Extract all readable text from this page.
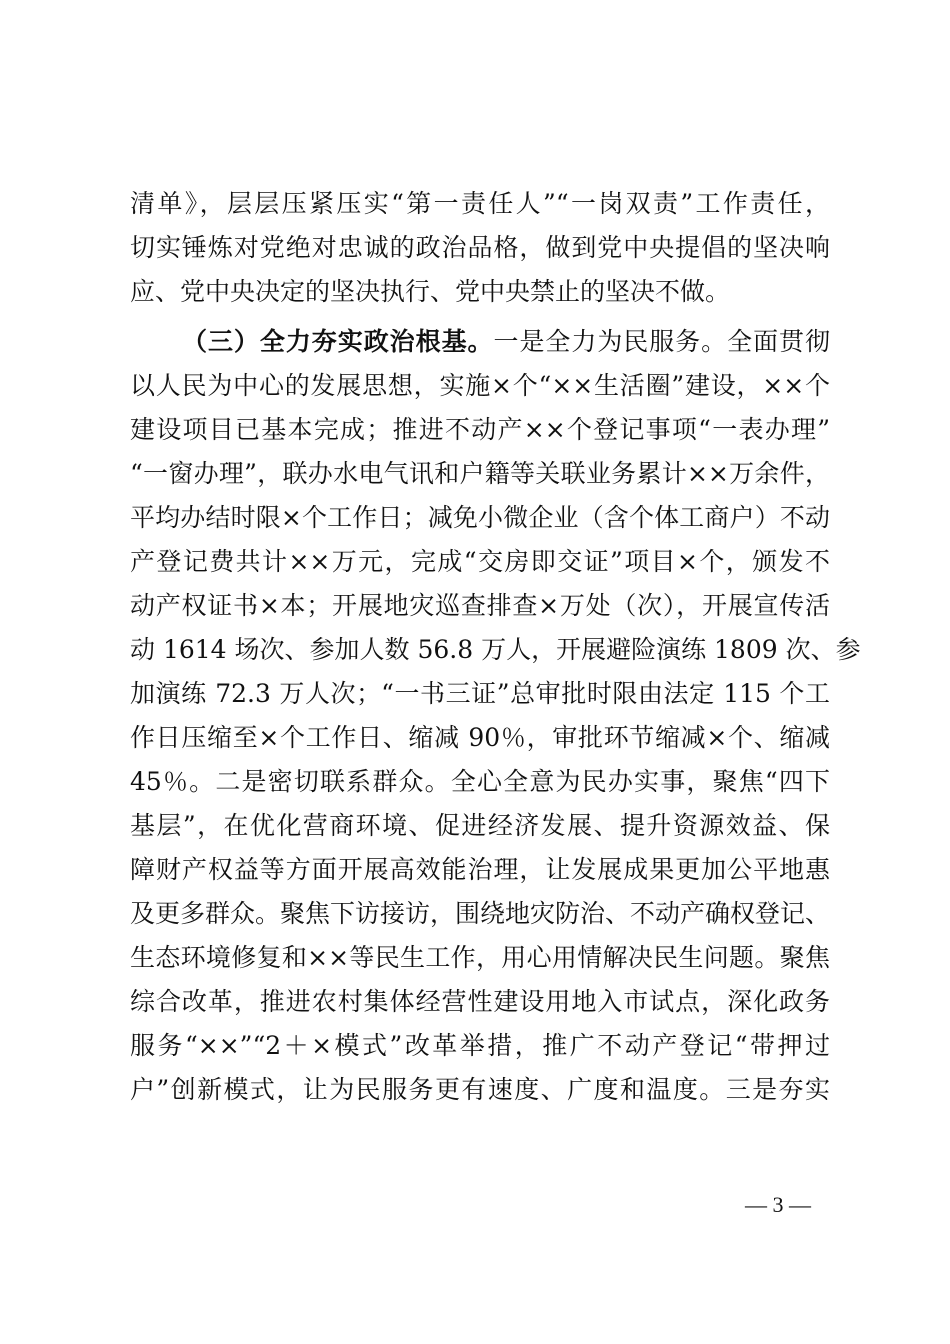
清单》，层层压紧压实“第一责任人”“一岗双责”工作责任，
切实锤炼对党绝对忠诚的政治品格，做到党中央提倡的坚决响
应、党中央决定的坚决执行、党中央禁止的坚决不做。
（三）全力夯实政治根基。一是全力为民服务。全面贯彻
以人民为中心的发展思想，实施×个“××生活圈”建设，××个
建设项目已基本完成；推进不动产××个登记事项“一表办理”
“一窗办理”，联办水电气讯和户籍等关联业务累计××万余件，
平均办结时限×个工作日；减免小微企业（含个体工商户）不动
产登记费共计××万元，完成“交房即交证”项目×个，颁发不
动产权证书×本；开展地灾巡查排查×万处（次），开展宣传活
动 1614 场次、参加人数 56.8 万人，开展避险演练 1809 次、参
加演练 72.3 万人次；“一书三证”总审批时限由法定 115 个工
作日压缩至×个工作日、缩减 90％，审批环节缩减×个、缩减
45％。二是密切联系群众。全心全意为民办实事，聚焦“四下
基层”，在优化营商环境、促进经济发展、提升资源效益、保
障财产权益等方面开展高效能治理，让发展成果更加公平地惠
及更多群众。聚焦下访接访，围绕地灾防治、不动产确权登记、
生态环境修复和××等民生工作，用心用情解决民生问题。聚焦
综合改革，推进农村集体经营性建设用地入市试点，深化政务
服务“××”“2＋×模式”改革举措，推广不动产登记“带押过
户”创新模式，让为民服务更有速度、广度和温度。三是夯实
— 3 —
